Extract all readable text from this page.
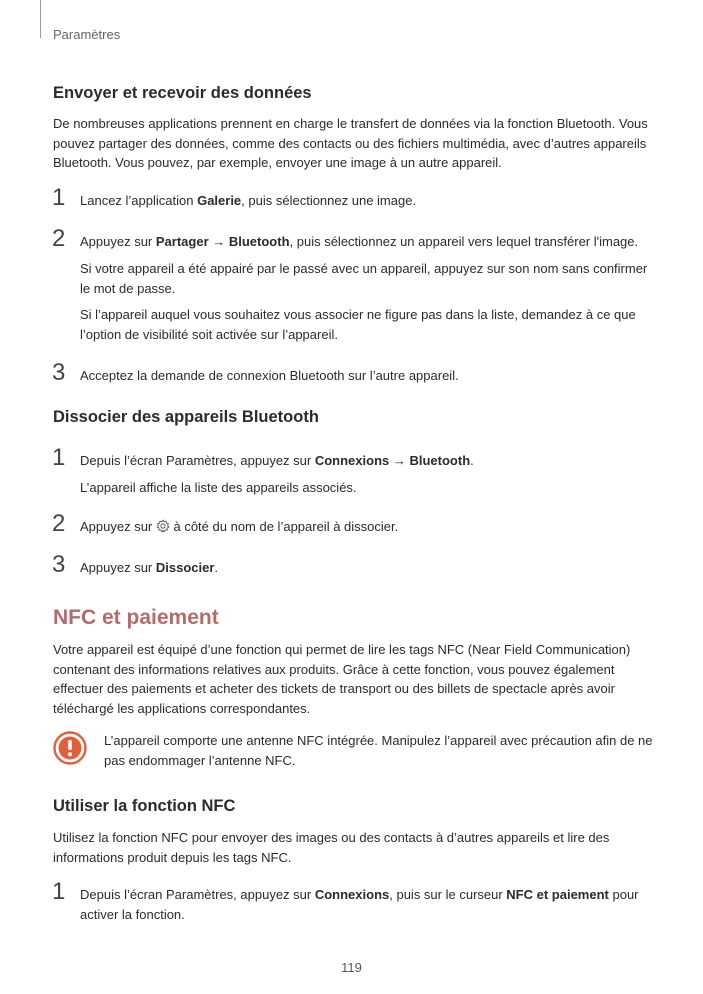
Paramètres
Envoyer et recevoir des données
De nombreuses applications prennent en charge le transfert de données via la fonction Bluetooth. Vous pouvez partager des données, comme des contacts ou des fichiers multimédia, avec d’autres appareils Bluetooth. Vous pouvez, par exemple, envoyer une image à un autre appareil.
1 Lancez l’application Galerie, puis sélectionnez une image.
2 Appuyez sur Partager → Bluetooth, puis sélectionnez un appareil vers lequel transférer l'image.
Si votre appareil a été appairé par le passé avec un appareil, appuyez sur son nom sans confirmer le mot de passe.
Si l’appareil auquel vous souhaitez vous associer ne figure pas dans la liste, demandez à ce que l’option de visibilité soit activée sur l’appareil.
3 Acceptez la demande de connexion Bluetooth sur l’autre appareil.
Dissocier des appareils Bluetooth
1 Depuis l’écran Paramètres, appuyez sur Connexions → Bluetooth.
L’appareil affiche la liste des appareils associés.
2 Appuyez sur  à côté du nom de l’appareil à dissocier.
3 Appuyez sur Dissocier.
NFC et paiement
Votre appareil est équipé d’une fonction qui permet de lire les tags NFC (Near Field Communication) contenant des informations relatives aux produits. Grâce à cette fonction, vous pouvez également effectuer des paiements et acheter des tickets de transport ou des billets de spectacle après avoir téléchargé les applications correspondantes.
L’appareil comporte une antenne NFC intégrée. Manipulez l’appareil avec précaution afin de ne pas endommager l’antenne NFC.
Utiliser la fonction NFC
Utilisez la fonction NFC pour envoyer des images ou des contacts à d’autres appareils et lire des informations produit depuis les tags NFC.
1 Depuis l’écran Paramètres, appuyez sur Connexions, puis sur le curseur NFC et paiement pour activer la fonction.
119
